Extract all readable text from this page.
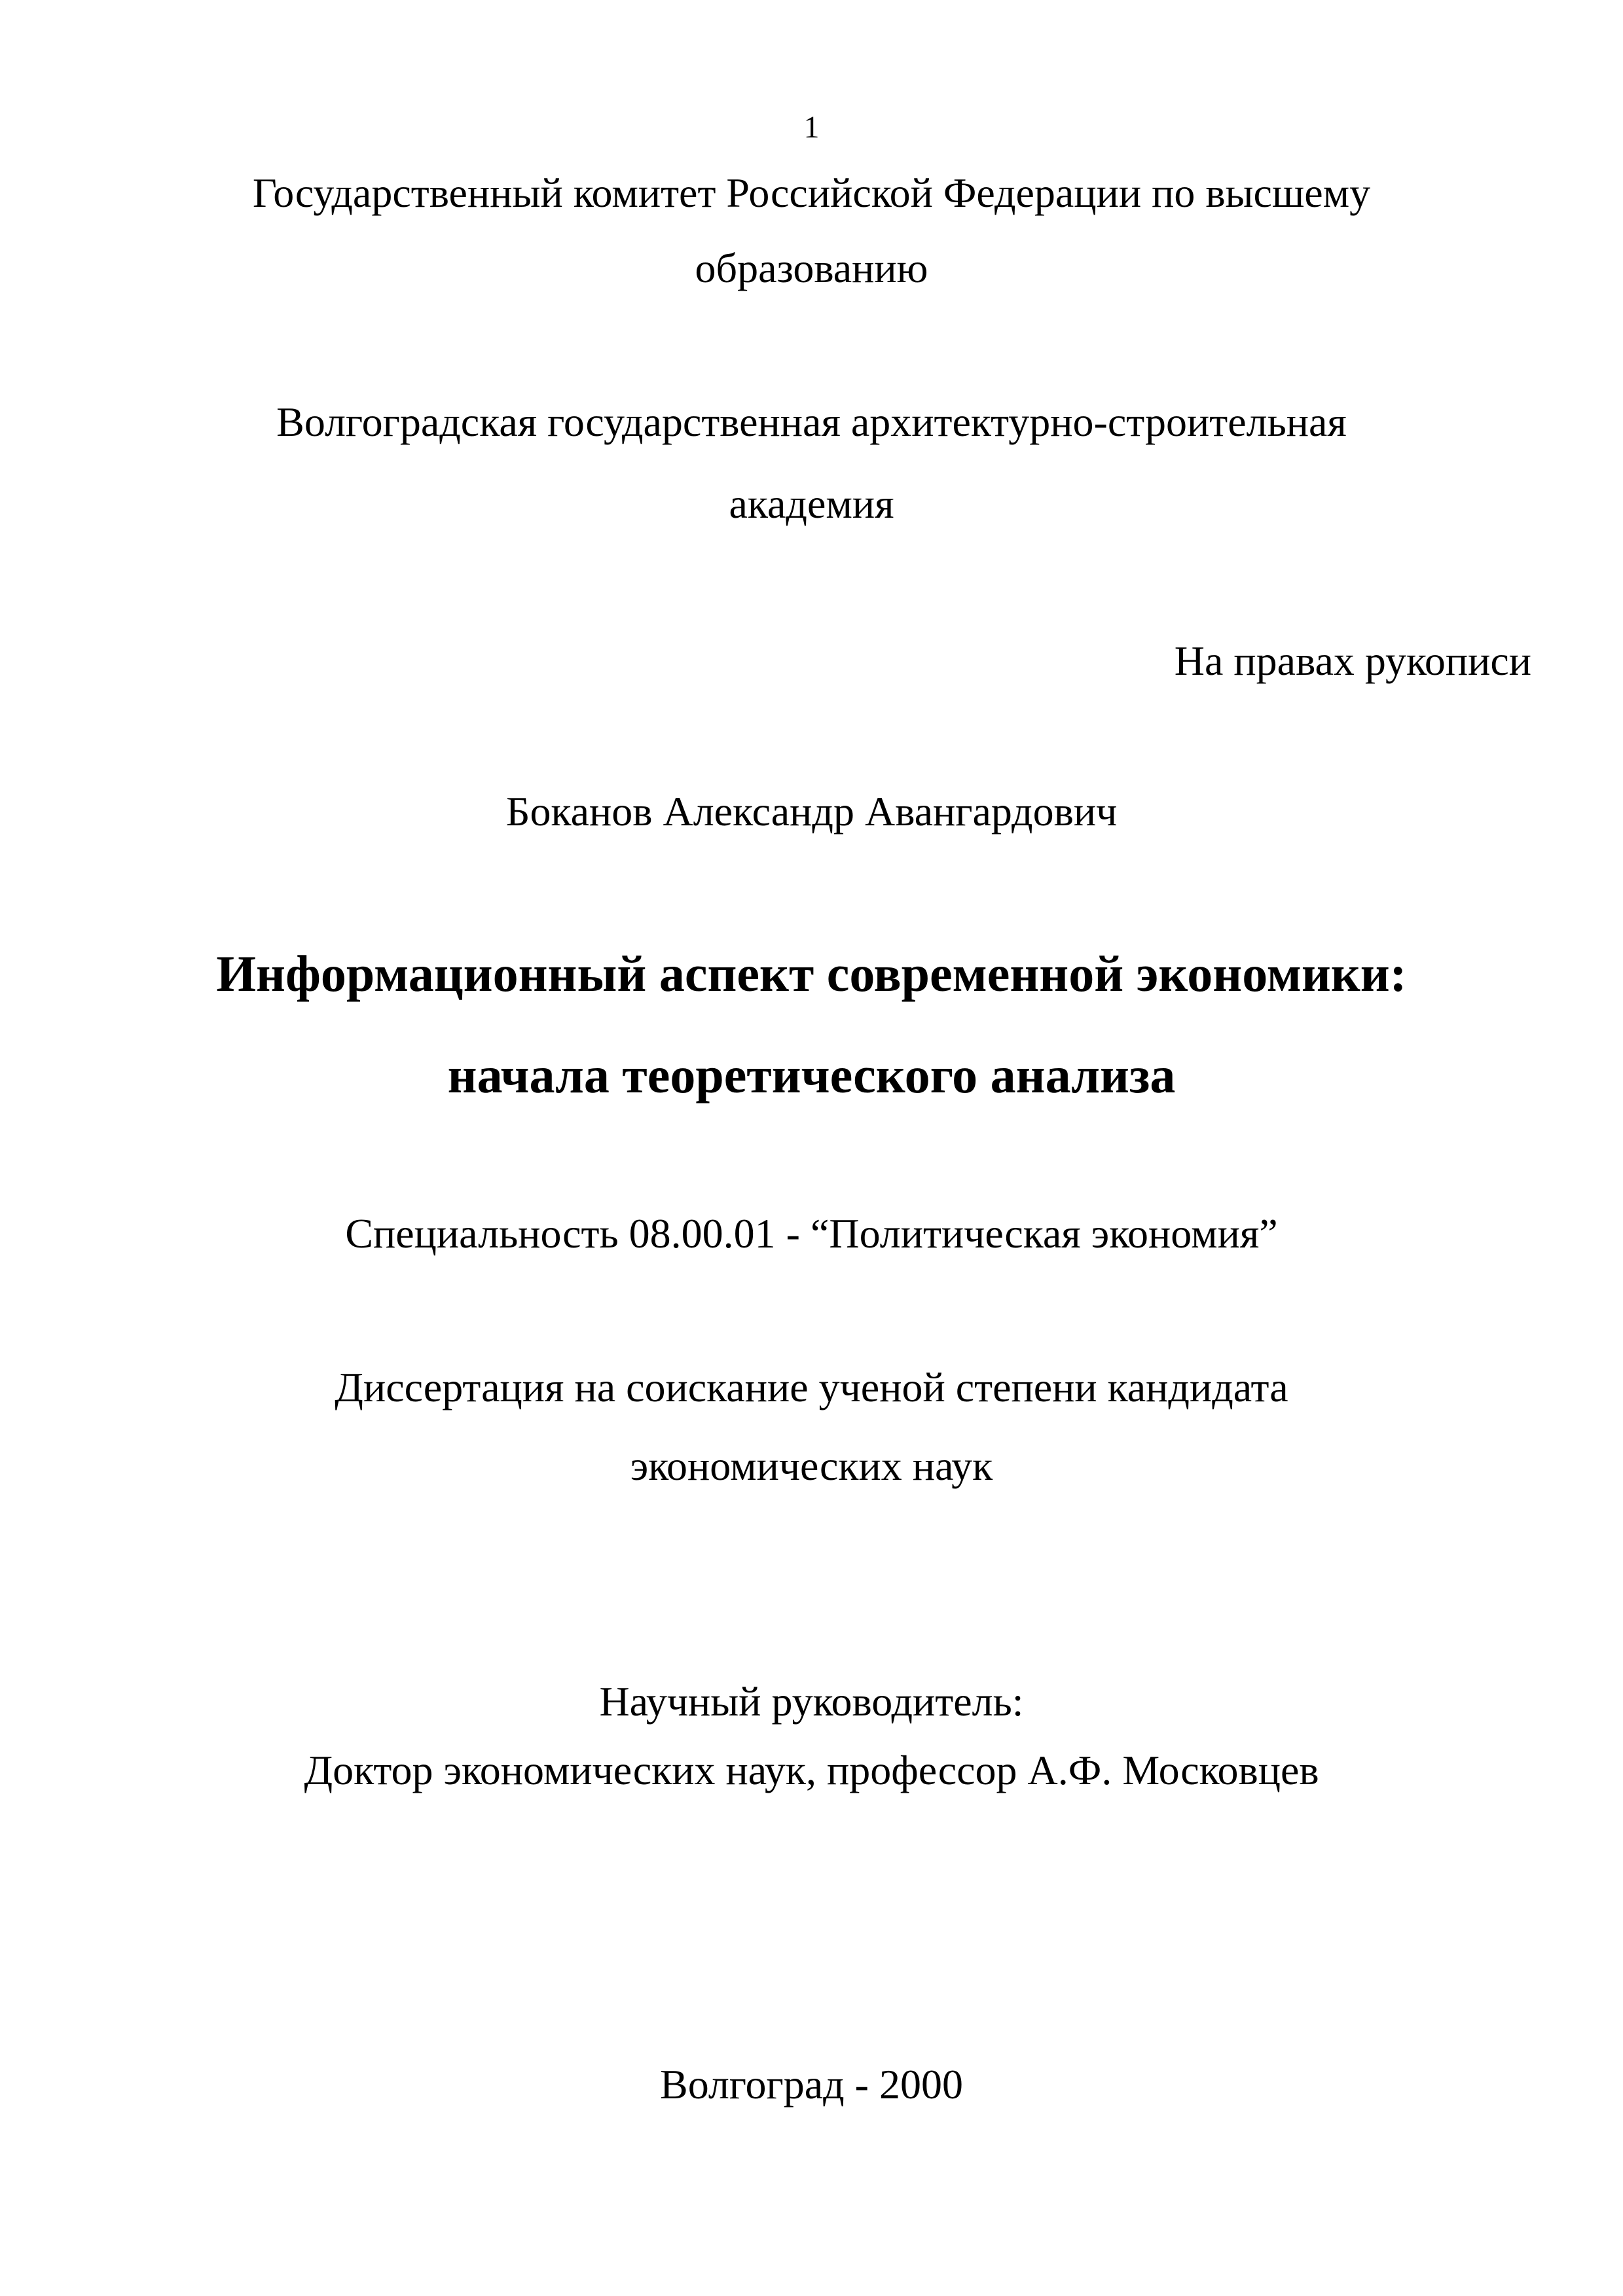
1
Государственный комитет Российской Федерации по высшему
образованию
Волгоградская государственная архитектурно-строительная
академия
На правах рукописи
Боканов Александр Авангардович
Информационный аспект современной экономики:
начала теоретического анализа
Специальность 08.00.01 - “Политическая экономия”
Диссертация на соискание ученой степени кандидата
экономических наук
Научный руководитель:
Доктор экономических наук, профессор А.Ф. Московцев
Волгоград - 2000
